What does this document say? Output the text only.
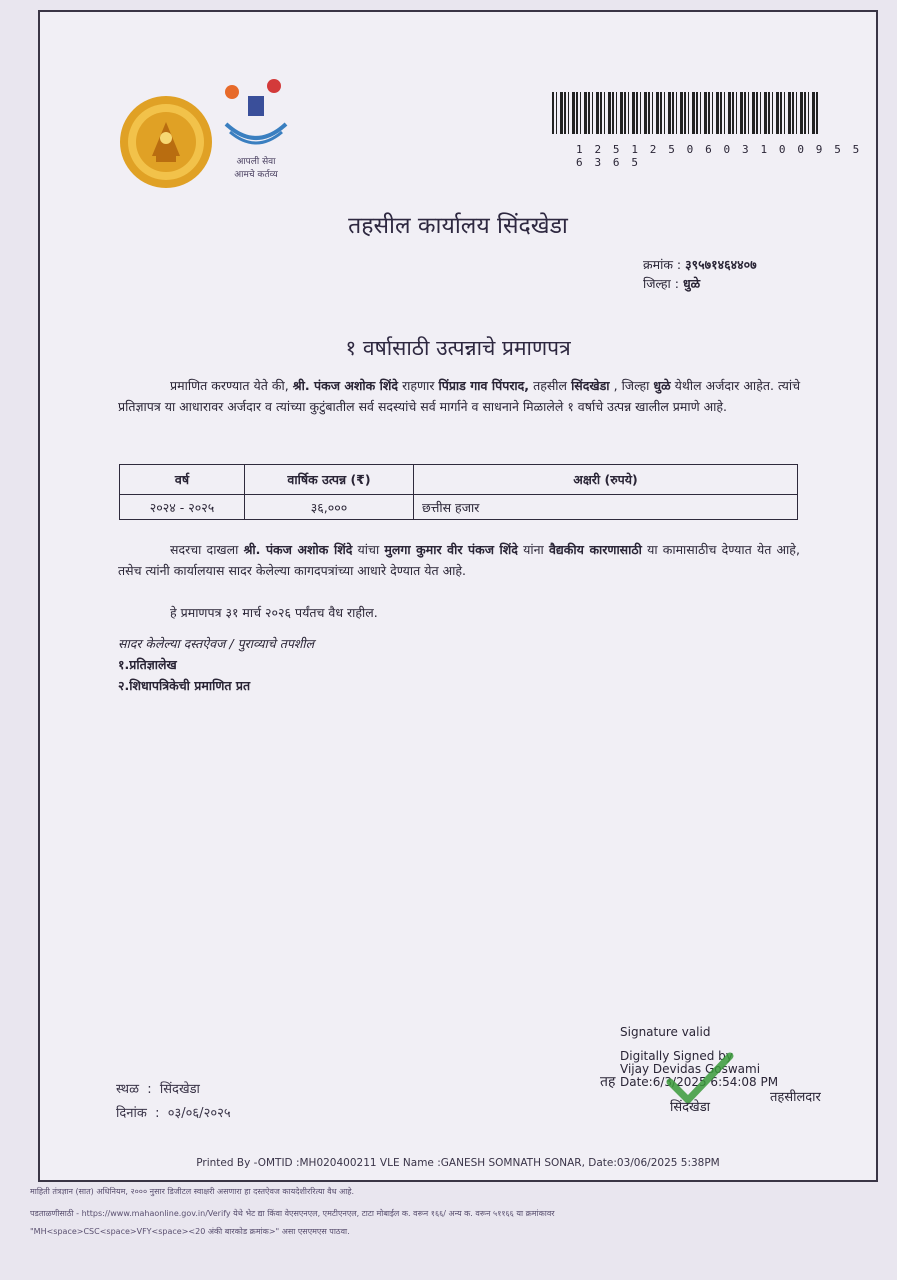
आपली सेवा
आमचे कर्तव्य
1 2 5 1 2 5 0 6 0 3 1 0 0 9 5 5 6 3 6 5
तहसील कार्यालय सिंदखेडा
क्रमांक : ३९५७१४६४४०७
जिल्हा : धुळे
१ वर्षासाठी उत्पन्नाचे प्रमाणपत्र
प्रमाणित करण्यात येते की, श्री. पंकज अशोक शिंदे राहणार पिंप्राड गाव पिंपराद, तहसील सिंदखेडा , जिल्हा धुळे येथील अर्जदार आहेत. त्यांचे प्रतिज्ञापत्र या आधारावर अर्जदार व त्यांच्या कुटुंबातील सर्व सदस्यांचे सर्व मार्गाने व साधनाने मिळालेले १ वर्षाचे उत्पन्न खालील प्रमाणे आहे.
वर्ष	वार्षिक उत्पन्न (₹)	अक्षरी (रुपये)
२०२४ - २०२५	३६,०००	छत्तीस हजार
सदरचा दाखला श्री. पंकज अशोक शिंदे यांचा मुलगा कुमार वीर पंकज शिंदे यांना वैद्यकीय कारणासाठी या कामासाठीच देण्यात येत आहे, तसेच त्यांनी कार्यालयास सादर केलेल्या कागदपत्रांच्या आधारे देण्यात येत आहे.
हे प्रमाणपत्र ३१ मार्च २०२६ पर्यंतच वैध राहील.
सादर केलेल्या दस्तऐवज / पुराव्याचे तपशील
१.प्रतिज्ञालेख
२.शिधापत्रिकेची प्रमाणित प्रत
स्थळ  :  सिंदखेडा
दिनांक  :  ०३/०६/२०२५
Signature valid
Digitally Signed by
Vijay Devidas Goswami
Date:6/3/2025 6:54:08 PM
तह
तहसीलदार
सिंदखेडा
Printed By -OMTID :MH020400211 VLE Name :GANESH SOMNATH SONAR, Date:03/06/2025 5:38PM
माहिती तंत्रज्ञान (सात) अधिनियम, २००० नुसार डिजीटल स्वाक्षरी असणारा हा दस्तऐवज कायदेशीररित्या वैध आहे.
पडताळणीसाठी - https://www.mahaonline.gov.in/Verify येथे भेट द्या किंवा वेएसएनएल, एमटीएनएल, टाटा मोबाईल क. वरून १६६/ अन्य क. वरून ५११६६ या क्रमांकावर
"MH<space>CSC<space>VFY<space><20 अंकी बारकोड क्रमांक>" असा एसएमएस पाठवा.
